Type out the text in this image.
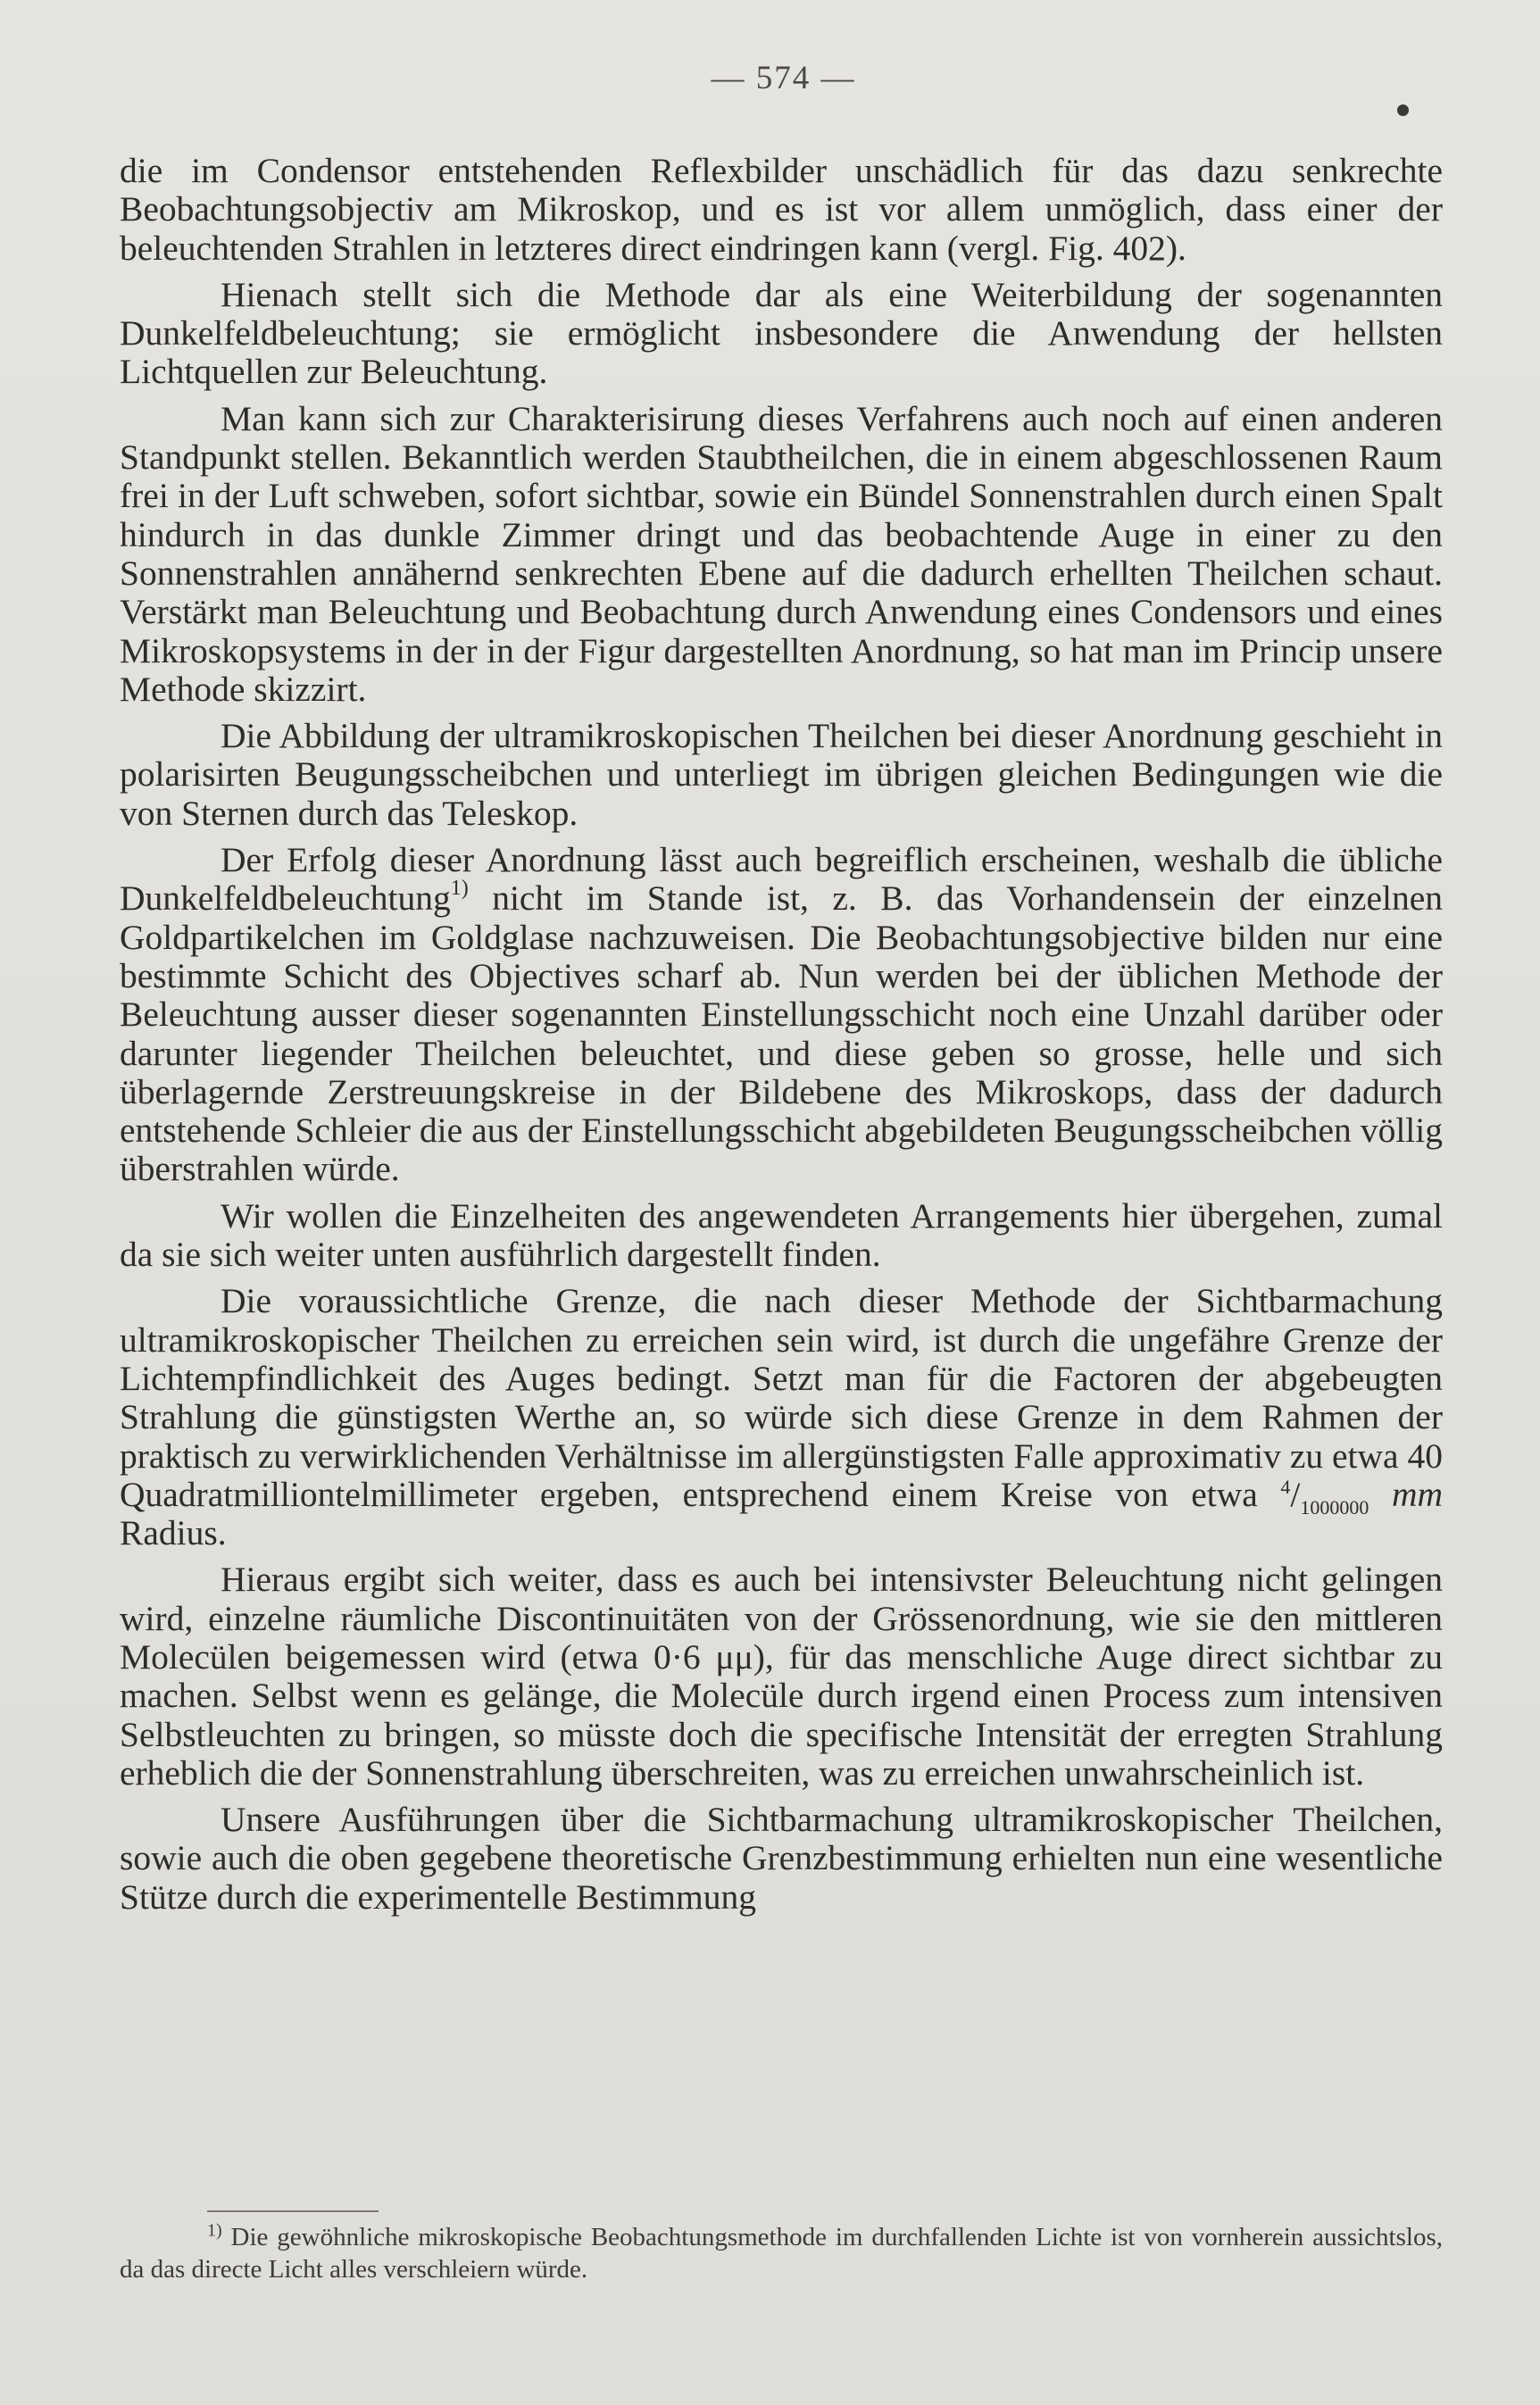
— 574 —

die im Condensor entstehenden Reflexbilder unschädlich für das dazu senkrechte Beobachtungsobjectiv am Mikroskop, und es ist vor allem unmöglich, dass einer der beleuchtenden Strahlen in letzteres direct eindringen kann (vergl. Fig. 402).

Hienach stellt sich die Methode dar als eine Weiterbildung der sogenannten Dunkelfeldbeleuchtung; sie ermöglicht insbesondere die Anwendung der hellsten Lichtquellen zur Beleuchtung.

Man kann sich zur Charakterisirung dieses Verfahrens auch noch auf einen anderen Standpunkt stellen. Bekanntlich werden Staubtheilchen, die in einem abgeschlossenen Raum frei in der Luft schweben, sofort sichtbar, sowie ein Bündel Sonnenstrahlen durch einen Spalt hindurch in das dunkle Zimmer dringt und das beobachtende Auge in einer zu den Sonnenstrahlen annähernd senkrechten Ebene auf die dadurch erhellten Theilchen schaut. Verstärkt man Beleuchtung und Beobachtung durch Anwendung eines Condensors und eines Mikroskopsystems in der in der Figur dargestellten Anordnung, so hat man im Princip unsere Methode skizzirt.

Die Abbildung der ultramikroskopischen Theilchen bei dieser Anordnung geschieht in polarisirten Beugungsscheibchen und unterliegt im übrigen gleichen Bedingungen wie die von Sternen durch das Teleskop.

Der Erfolg dieser Anordnung lässt auch begreiflich erscheinen, weshalb die übliche Dunkelfeldbeleuchtung$^{1)}$ nicht im Stande ist, z. B. das Vorhandensein der einzelnen Goldpartikelchen im Goldglase nachzuweisen. Die Beobachtungsobjective bilden nur eine bestimmte Schicht des Objectives scharf ab. Nun werden bei der üblichen Methode der Beleuchtung ausser dieser sogenannten Einstellungsschicht noch eine Unzahl darüber oder darunter liegender Theilchen beleuchtet, und diese geben so grosse, helle und sich überlagernde Zerstreuungskreise in der Bildebene des Mikroskops, dass der dadurch entstehende Schleier die aus der Einstellungsschicht abgebildeten Beugungsscheibchen völlig überstrahlen würde.

Wir wollen die Einzelheiten des angewendeten Arrangements hier übergehen, zumal da sie sich weiter unten ausführlich dargestellt finden.

Die voraussichtliche Grenze, die nach dieser Methode der Sichtbarmachung ultramikroskopischer Theilchen zu erreichen sein wird, ist durch die ungefähre Grenze der Lichtempfindlichkeit des Auges bedingt. Setzt man für die Factoren der abgebeugten Strahlung die günstigsten Werthe an, so würde sich diese Grenze in dem Rahmen der praktisch zu verwirklichenden Verhältnisse im allergünstigsten Falle approximativ zu etwa 40 Quadratmilliontelmillimeter ergeben, entsprechend einem Kreise von etwa $^4/_{1000000}$ mm Radius.

Hieraus ergibt sich weiter, dass es auch bei intensivster Beleuchtung nicht gelingen wird, einzelne räumliche Discontinuitäten von der Grössenordnung, wie sie den mittleren Molecülen beigemessen wird (etwa 0·6 μμ), für das menschliche Auge direct sichtbar zu machen. Selbst wenn es gelänge, die Molecüle durch irgend einen Process zum intensiven Selbstleuchten zu bringen, so müsste doch die specifische Intensität der erregten Strahlung erheblich die der Sonnenstrahlung überschreiten, was zu erreichen unwahrscheinlich ist.

Unsere Ausführungen über die Sichtbarmachung ultramikroskopischer Theilchen, sowie auch die oben gegebene theoretische Grenzbestimmung erhielten nun eine wesentliche Stütze durch die experimentelle Bestimmung

$^{1)}$ Die gewöhnliche mikroskopische Beobachtungsmethode im durchfallenden Lichte ist von vornherein aussichtslos, da das directe Licht alles verschleiern würde.
